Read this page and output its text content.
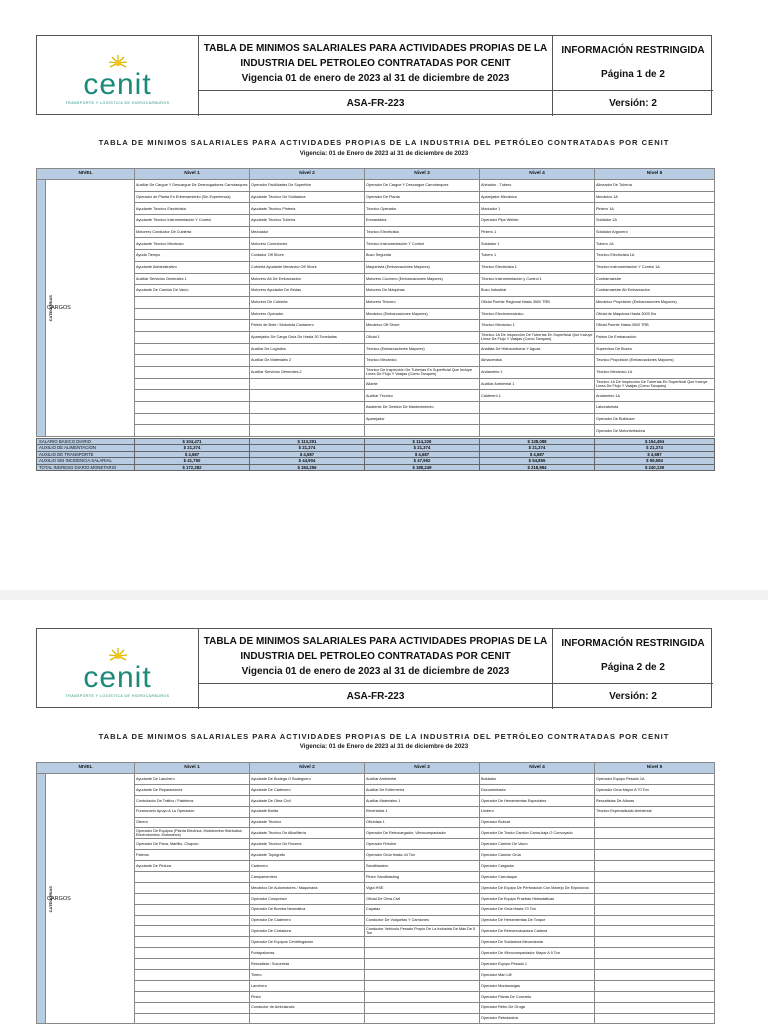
cenit
TRANSPORTE Y LOGÍSTICA DE HIDROCARBUROS
TABLA DE MINIMOS SALARIALES PARA ACTIVIDADES PROPIAS DE LA
INDUSTRIA DEL PETROLEO CONTRATADAS POR CENIT
Vigencia 01 de enero de 2023 al 31 de diciembre de 2023
INFORMACIÓN RESTRINGIDA
Página 1 de 2
ASA-FR-223	Versión: 2
TABLA DE MINIMOS SALARIALES PARA ACTIVIDADES PROPIAS DE LA INDUSTRIA DEL PETRÓLEO CONTRATADAS POR CENIT
Vigencia: 01 de Enero de 2023 al 31 de diciembre de 2023
NIVEL		Nivel 1	Nivel 2	Nivel 3	Nivel 4	Nivel 5
CATEGORIAS	CARGOS	Auxiliar De Cargue Y Descargue De Desmogadores Carrotanques	Operador Facilidades De Superficie	Operador De Cargue Y Descargue Carrotanques	Ahinador - Tubero	Alineador De Tubería
		Operador de Planta En Entrenamiento (Sin Experiencia)	Ayudante Técnico De Soldadura	Operador De Planta	Aparejador Mecánico	Mecánico 1A
		Ayudante Técnico Electricista	Ayudante Técnico Pintería	Técnico Operador	Montador 1	Pintero 1A
		Ayudante Técnico Instrumentación Y Control	Ayudante Técnico Tubería	Enmantador	Operador Pipe Welder	Soldador 1A
		Motorero Conductor De Cubierta	Mezclador	Técnico Electricista	Pintero 1	Soldador Argonero
		Ayudante Técnico Mecánico	Motorero Conexiones	Técnico Instrumentación Y Control	Soldador 1	Tubero 1A
		Ayuda Tiempo	Contador Off Shore	Buzo Segunda	Tubero 1	Técnico Electricista 1A
		Ayudante Administrativo	Cubierta Ayudante Mecánico Off Shore	Maquinista (Embarcaciones Mayores)	Técnico Electricista 1	Técnico Instrumentación Y Control 1A
		Auxiliar Servicios Generales 1	Motorero Ab De Embarcación	Motorero Cocinero (Embarcaciones Mayores)	Técnico Instrumentación y Control 1	Contramaestre
		Ayudante De Camión De Vacío	Motorero Ayudador De Bridas	Motorero De Máquinas	Buzo Industrial	Contramaestre Ab Embarcación
			Motorero De Cubierta	Motorero Tinicero	Oficial Puente Regional Hasta 3500 TRB	Mecánico Propulsión (Embarcaciones Mayores)
			Motorero Operador	Mecánico (Embarcaciones Mayores)	Técnico Electromecánico	Oficial de Máquinas Hasta 3000 Kw
			Patrón de Bote / Motorista Costanero	Mecánico Off Shore	Técnico Mecánico 1	Oficial Puente Hasta 3500 TRB
			Aparejador De Carga Grúa De Hasta 30 Toneladas	Oficial 1	Técnico 1A De Inspección De Tuberías En Superficial Que Incluye Línea De Flujo Y Vasijas (Como Tanques)	Patrón De Embarcación
			Auxiliar De Logística	Técnico (Embarcaciones Mayores)	Analista De Hidrocarburos Y Aguas	Supervisor De Buceo
			Auxiliar De Materiales 2	Técnico Mecánico	Almacenista	Técnico Propulsión (Embarcaciones Mayores)
			Auxiliar Servicios Generales 2	Técnico De Inspección De Tuberías En Superficial Que Incluye Línea De Flujo Y Vasijas (Como Tanques)	Andamiero 1	Técnico Mecánico 1A
				Aliante	Auxiliar Ambiental 1	Técnico 1A De Inspección De Tuberías En Superficial Que Incluye Línea De Flujo Y Vasijas (Como Tanques)
				Auxiliar Técnico	Caldereró 1	Andamiero 1A
				Asistente De Gestión De Mantenimiento		Laboratorista
				Aparejador		Operador De Bulldozer
						Operador De Motoniveladora
SALARIO BASICO DIARIO	$ 104,471	$ 113,291	$ 114,226	$ 138,088	$ 154,494
AUXILIO DE ALIMENTACION	$ 21,374	$ 21,374	$ 21,374	$ 21,374	$ 21,374
AUXILIO DE TRANSPORTE	$ 4,687	$ 4,687	$ 4,687	$ 4,687	$ 4,687
AUXILIO SIN INCIDENCIA SALARIAL	$ 41,750	$ 44,904	$ 47,962	$ 54,855	$ 59,584
TOTAL INGRESO DIARIO MONETARIO	$ 172,282	$ 184,256	$ 188,249	$ 218,984	$ 240,139
cenit
TRANSPORTE Y LOGÍSTICA DE HIDROCARBUROS
TABLA DE MINIMOS SALARIALES PARA ACTIVIDADES PROPIAS DE LA
INDUSTRIA DEL PETROLEO CONTRATADAS POR CENIT
Vigencia 01 de enero de 2023 al 31 de diciembre de 2023
INFORMACIÓN RESTRINGIDA
Página 2 de 2
ASA-FR-223	Versión: 2
TABLA DE MINIMOS SALARIALES PARA ACTIVIDADES PROPIAS DE LA INDUSTRIA DEL PETRÓLEO CONTRATADAS POR CENIT
Vigencia: 01 de Enero de 2023 al 31 de diciembre de 2023
NIVEL		Nivel 1	Nivel 2	Nivel 3	Nivel 4	Nivel 5
CATEGORIAS	CARGOS	Ayudante De Lanchero	Ayudante De Bodega O Bodeguero	Auxiliar Ambiental	Boldador	Operador Equipo Pesado 1A
		Ayudante De Reparaciones	Ayudante De Cadenero	Auxiliar De Enfermería	Documentador	Operador Grúa Mayor A 70 Ton
		Controlador De Tráfico / Pateleros	Ayudante De Obra Civil	Auxiliar Materiales 1	Operador De Herramientas Especiales	Rescatistas De Alturas
		Funcionario Apoyo A La Operación	Ayudante Barita	Electricista 1	Lindero	Técnico Especializado Ambiental
		Obrero	Ayudante Técnico	Oficinista 1	Operador Bobcat	
		Operador De Equipos (Planta Eléctrica, Motobomba Hidráulica, Electrobomba, Motosierra)	Ayudante Técnico De Albañilería	Operador De Retrocargador, Vibrocompactador	Operador De Tracto Camión Cama-baja O Convoyado	
		Operador De Pana, Martillo, Chapolo	Ayudante Técnico De Rocería	Operador Finisher	Operador Camión De Vacío	
		Paleros	Ayudante Topógrafo	Operador Grúa Hasta 44 Ton	Operador Camión Grúa	
		Ayudante De Pintura	Cadenero	Sandblastero	Operador Cargador	
			Campamentero	Pintor Sandblasting	Operador Carrotaque	
			Mecánico De Automotores / Maquinaria	Vigía HSE	Operador De Equipo De Perforación Con Manejo De Explosivos	
			Operador Compresor	Oficial De Obra Civil	Operador De Equipo Pruebas Hidrostáticas	
			Operador De Bomba Neumática	Capataz	Operador De Grúa Hasta 70 Ton	
			Operador De Cadenero	Conductor De Volquetas Y Camiones	Operador De Herramientas De Torque	
			Operador De Cortadora	Conductor Vehículo Pesado Propio De La Industria De Más De 5 Ton	Operador De Retroexcavadora Cadena	
			Operador De Equipos Centrifugación		Operador De Soldadura Mecanizada	
			Portapalomas		Operador De Vibrocompactador Mayor A 9 Ton	
			Rescatista / Socorrista		Operador Equipo Pesado 1	
			Tinero		Operador Man Lift	
			Lanchero		Operador Montacargas	
			Pintor		Operador Planta De Concreto	
			Conductor de Ambulancia		Operador Retro De Oruga	
					Operador Retroladera	
